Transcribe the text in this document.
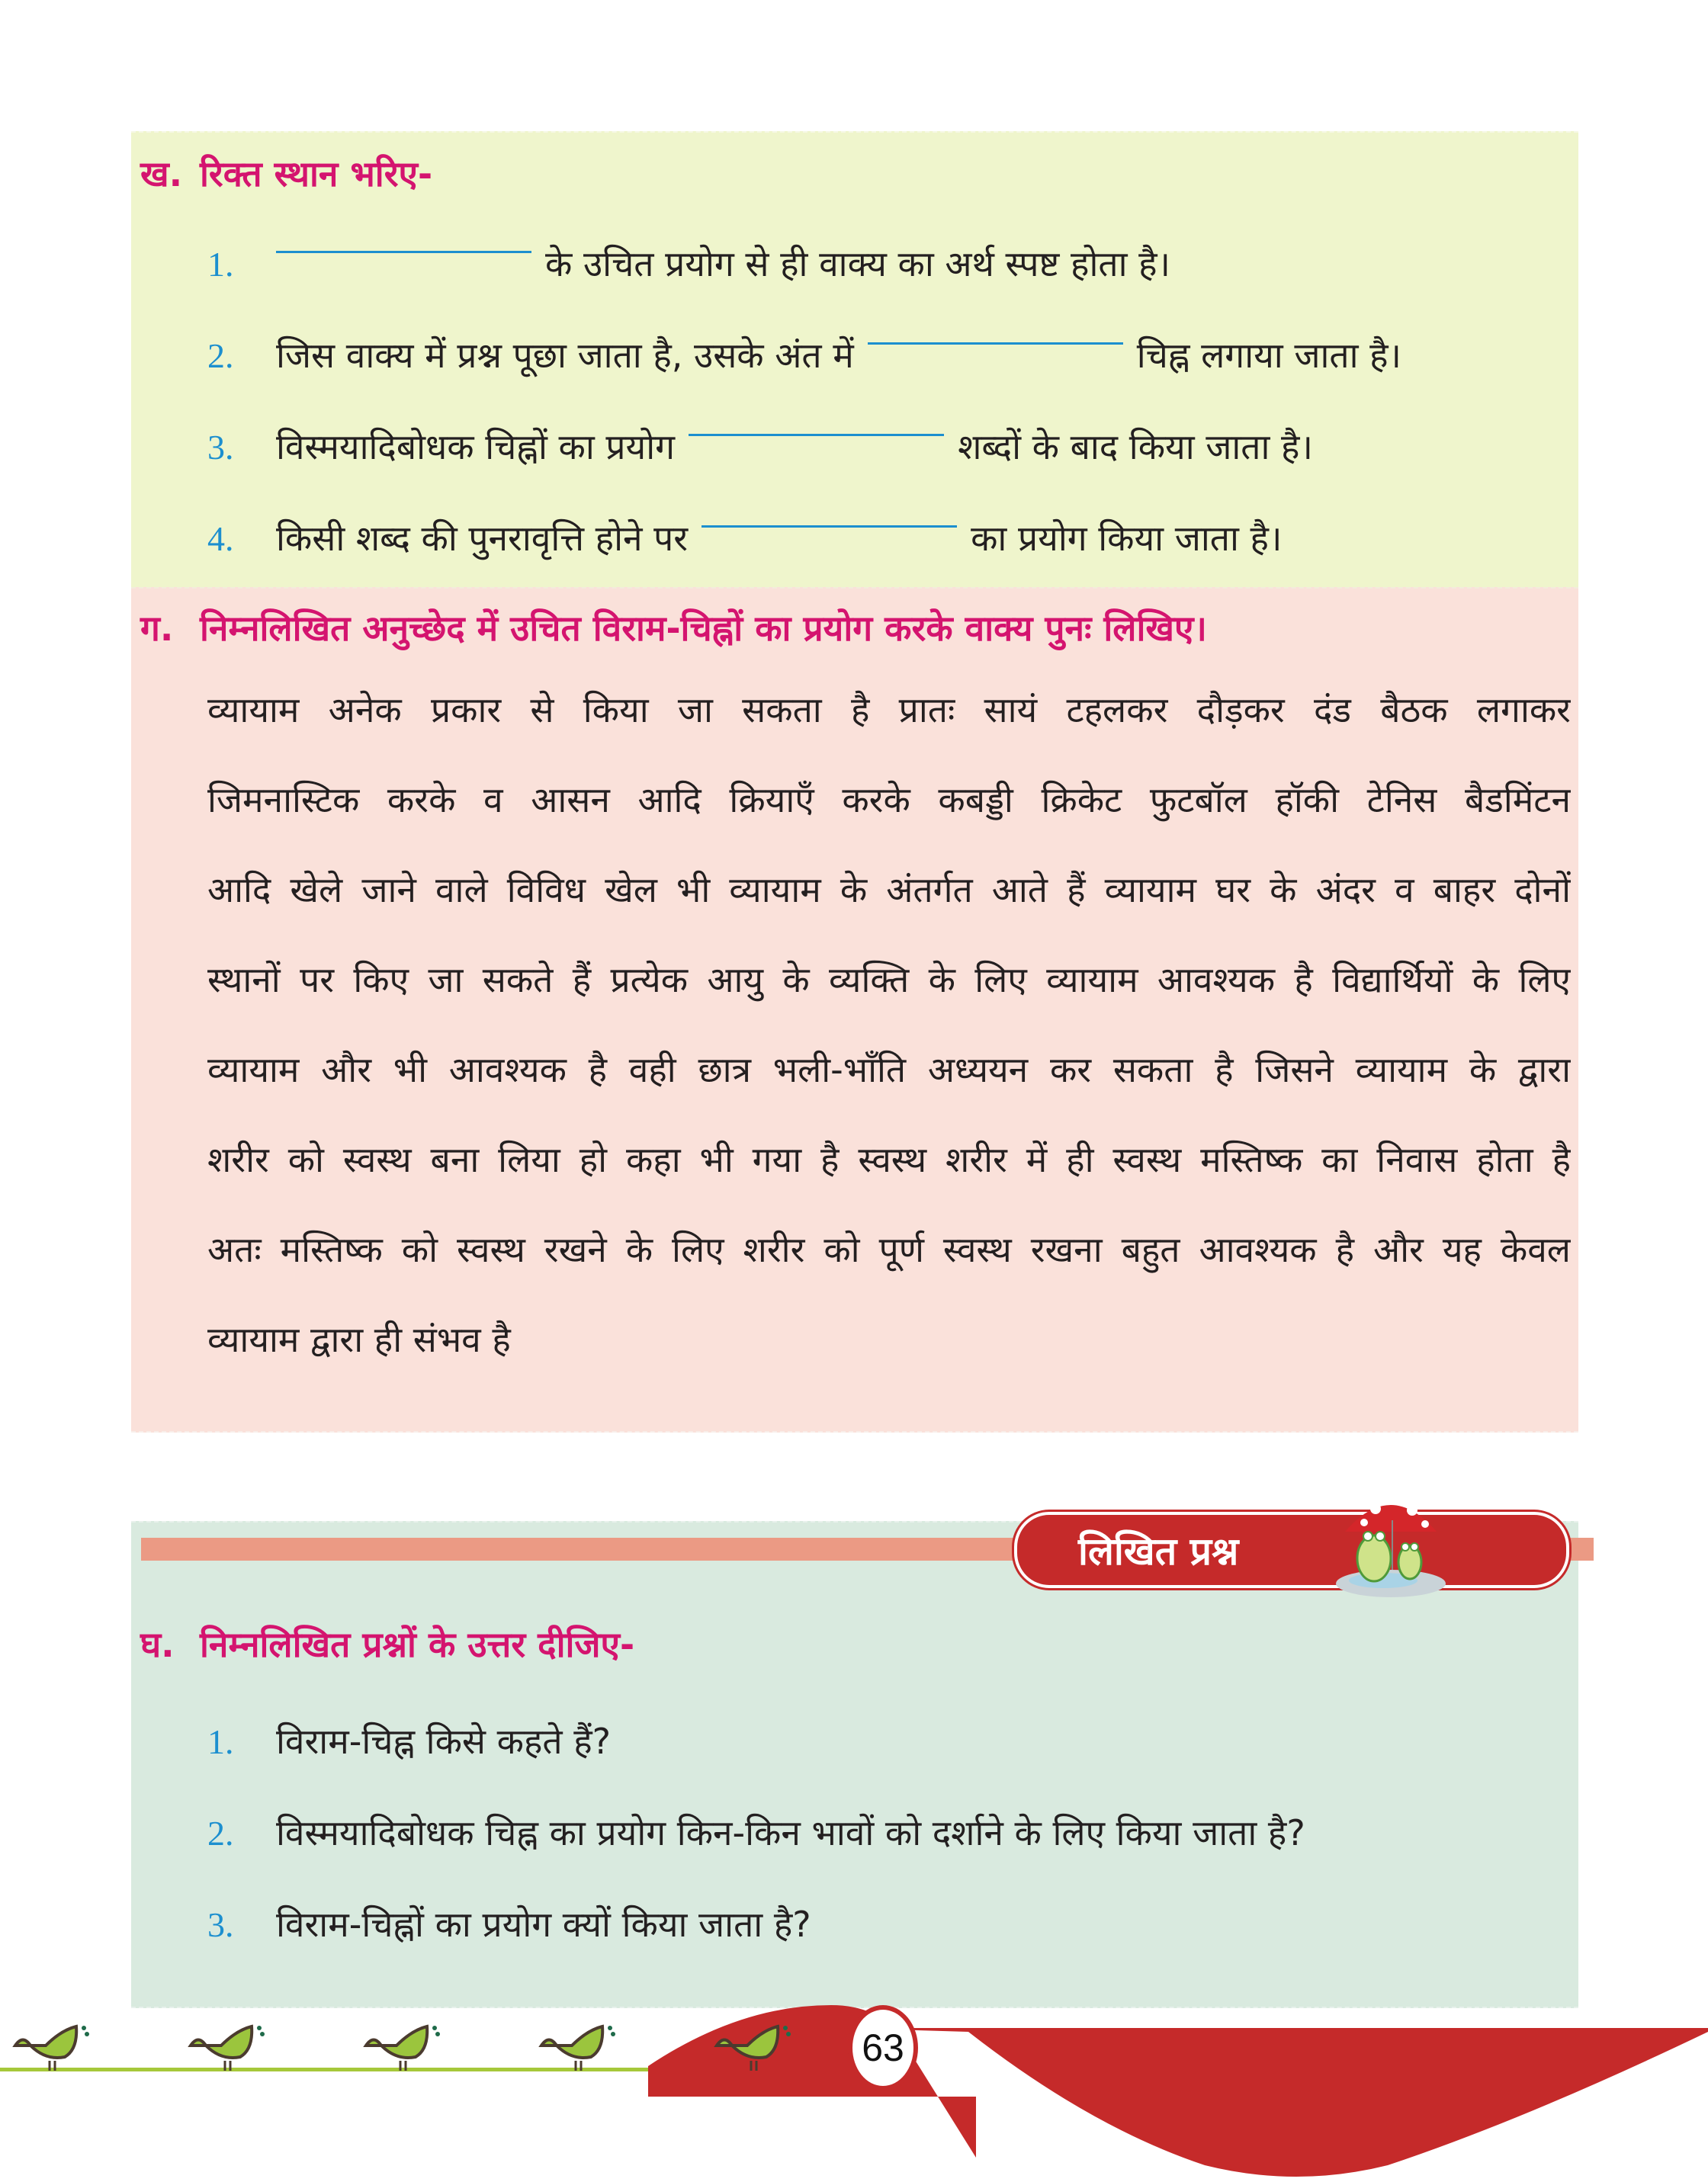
ख. रिक्त स्थान भरिए-
1.	के उचित प्रयोग से ही वाक्य का अर्थ स्पष्ट होता है।
2.	जिस वाक्य में प्रश्न पूछा जाता है, उसके अंत में	चिह्न लगाया जाता है।
3.	विस्मयादिबोधक चिह्नों का प्रयोग	शब्दों के बाद किया जाता है।
4.	किसी शब्द की पुनरावृत्ति होने पर	का प्रयोग किया जाता है।
ग. निम्नलिखित अनुच्छेद में उचित विराम-चिह्नों का प्रयोग करके वाक्य पुनः लिखिए।
व्यायाम अनेक प्रकार से किया जा सकता है प्रातः सायं टहलकर दौड़कर दंड बैठक लगाकर
जिमनास्टिक करके व आसन आदि क्रियाएँ करके कबड्डी क्रिकेट फुटबॉल हॉकी टेनिस बैडमिंटन
आदि खेले जाने वाले विविध खेल भी व्यायाम के अंतर्गत आते हैं व्यायाम घर के अंदर व बाहर दोनों
स्थानों पर किए जा सकते हैं प्रत्येक आयु के व्यक्ति के लिए व्यायाम आवश्यक है विद्यार्थियों के लिए
व्यायाम और भी आवश्यक है वही छात्र भली-भाँति अध्ययन कर सकता है जिसने व्यायाम के द्वारा
शरीर को स्वस्थ बना लिया हो कहा भी गया है स्वस्थ शरीर में ही स्वस्थ मस्तिष्क का निवास होता है
अतः मस्तिष्क को स्वस्थ रखने के लिए शरीर को पूर्ण स्वस्थ रखना बहुत आवश्यक है और यह केवल
व्यायाम द्वारा ही संभव है
घ. निम्नलिखित प्रश्नों के उत्तर दीजिए-
1.	विराम-चिह्न किसे कहते हैं?
2.	विस्मयादिबोधक चिह्न का प्रयोग किन-किन भावों को दर्शाने के लिए किया जाता है?
3.	विराम-चिह्नों का प्रयोग क्यों किया जाता है?
लिखित प्रश्न
63
